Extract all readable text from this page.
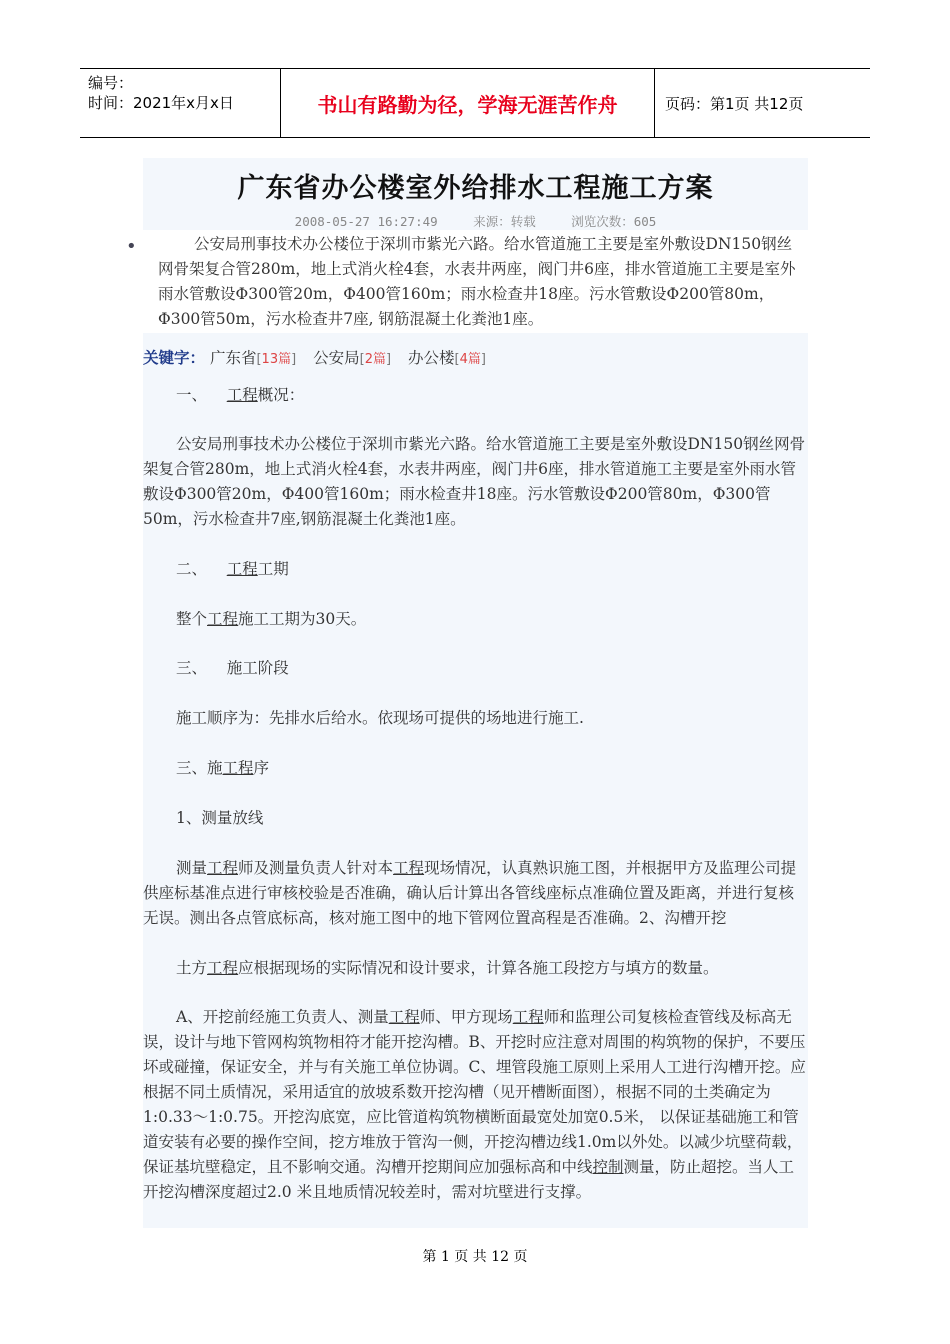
编号：
时间：2021年x月x日	书山有路勤为径，学海无涯苦作舟	页码：第1页 共12页
广东省办公楼室外给排水工程施工方案
2008-05-27 16:27:49	来源：转载	浏览次数：605

公安局刑事技术办公楼位于深圳市紫光六路。给水管道施工主要是室外敷设DN150钢丝网骨架复合管280m，地上式消火栓4套，水表井两座，阀门井6座，排水管道施工主要是室外雨水管敷设Φ300管20m，Φ400管160m；雨水检查井18座。污水管敷设Φ200管80m，Φ300管50m，污水检查井7座, 钢筋混凝土化粪池1座。

•
关键字： 广东省[13篇] 公安局[2篇] 办公楼[4篇]
一、    工程概况：
公安局刑事技术办公楼位于深圳市紫光六路。给水管道施工主要是室外敷设DN150钢丝网骨架复合管280m，地上式消火栓4套，水表井两座，阀门井6座，排水管道施工主要是室外雨水管敷设Φ300管20m，Φ400管160m；雨水检查井18座。污水管敷设Φ200管80m，Φ300管50m，污水检查井7座,钢筋混凝土化粪池1座。
二、    工程工期
整个工程施工工期为30天。
三、    施工阶段
施工顺序为：先排水后给水。依现场可提供的场地进行施工.
三、施工程序
1、测量放线
测量工程师及测量负责人针对本工程现场情况，认真熟识施工图，并根据甲方及监理公司提供座标基准点进行审核校验是否准确，确认后计算出各管线座标点准确位置及距离，并进行复核无误。测出各点管底标高，核对施工图中的地下管网位置高程是否准确。2、沟槽开挖
土方工程应根据现场的实际情况和设计要求，计算各施工段挖方与填方的数量。
A、开挖前经施工负责人、测量工程师、甲方现场工程师和监理公司复核检查管线及标高无误，设计与地下管网构筑物相符才能开挖沟槽。B、开挖时应注意对周围的构筑物的保护，不要压坏或碰撞，保证安全，并与有关施工单位协调。C、埋管段施工原则上采用人工进行沟槽开挖。应根据不同土质情况，采用适宜的放坡系数开挖沟槽（见开槽断面图），根据不同的土类确定为1:0.33～1:0.75。开挖沟底宽，应比管道构筑物横断面最宽处加宽0.5米， 以保证基础施工和管道安装有必要的操作空间，挖方堆放于管沟一侧，开挖沟槽边线1.0m以外处。以减少坑壁荷载，保证基坑壁稳定，且不影响交通。沟槽开挖期间应加强标高和中线控制测量，防止超挖。当人工开挖沟槽深度超过2.0 米且地质情况较差时，需对坑壁进行支撑。
第 1 页 共 12 页
